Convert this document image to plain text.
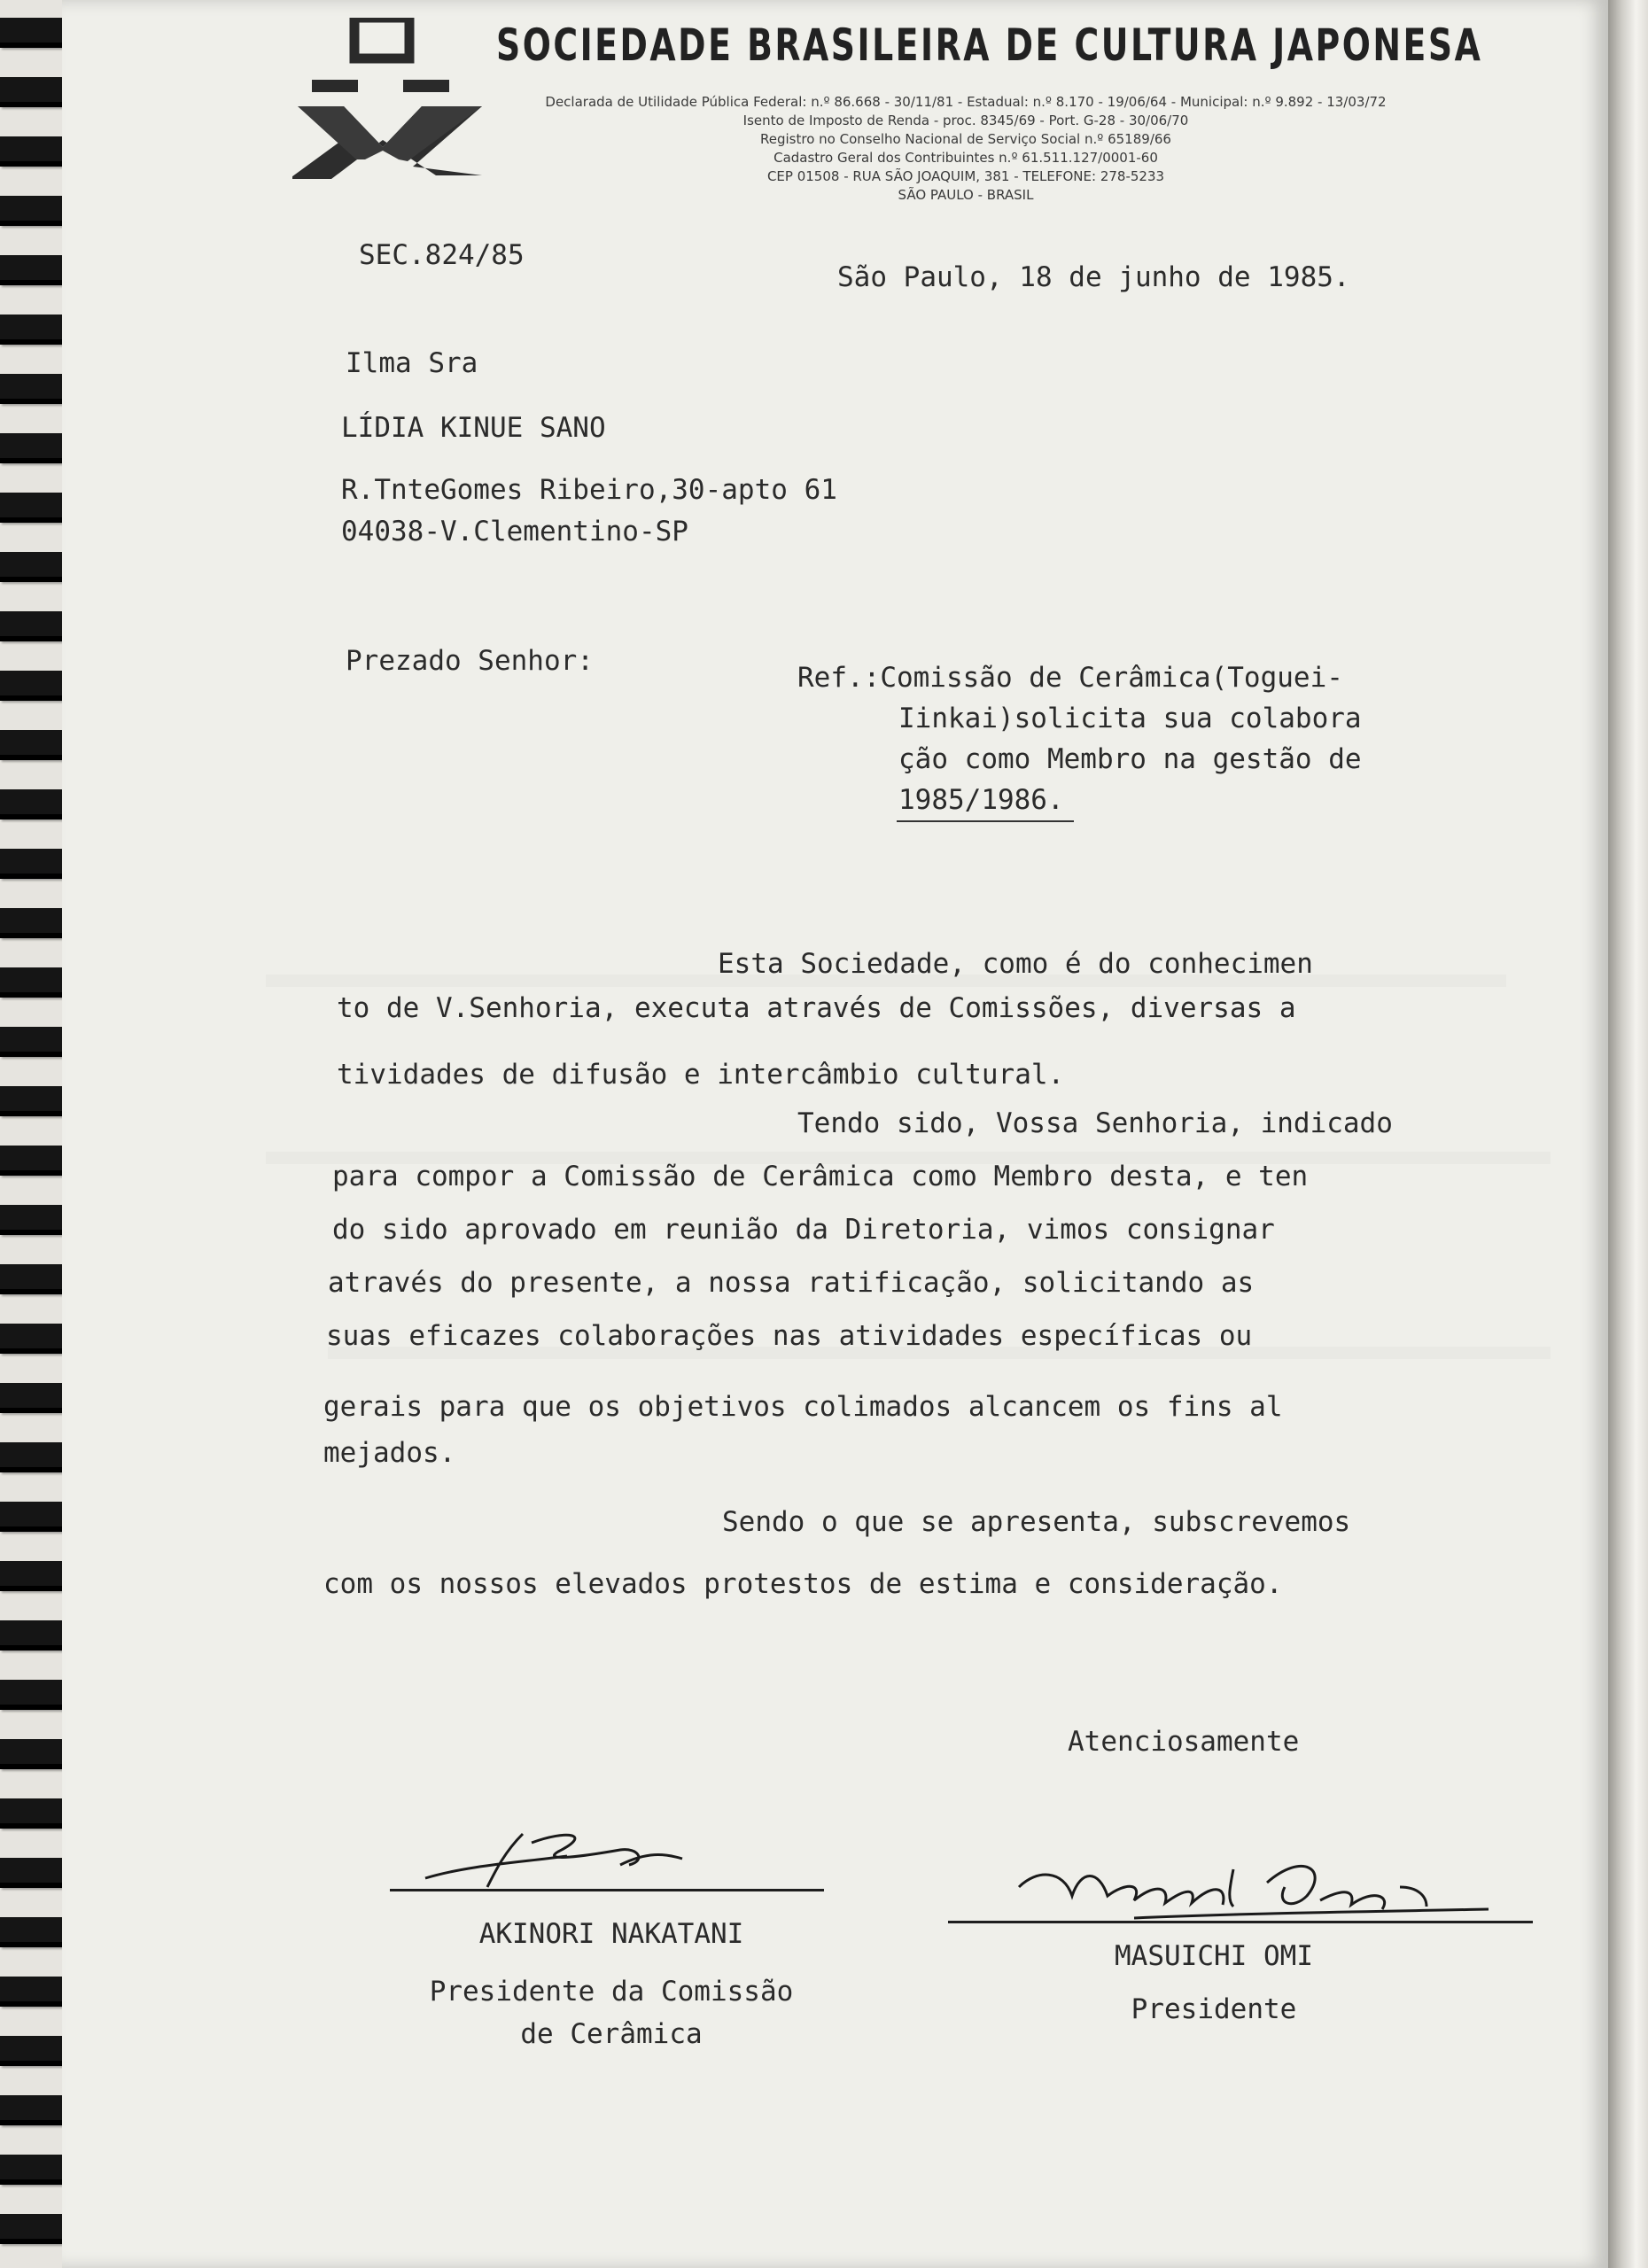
SOCIEDADE BRASILEIRA DE CULTURA JAPONESA
Declarada de Utilidade Pública Federal: n.º 86.668 - 30/11/81 - Estadual: n.º 8.170 - 19/06/64 - Municipal: n.º 9.892 - 13/03/72
Isento de Imposto de Renda - proc. 8345/69 - Port. G-28 - 30/06/70
Registro no Conselho Nacional de Serviço Social n.º 65189/66
Cadastro Geral dos Contribuintes n.º 61.511.127/0001-60
CEP 01508 - RUA SÃO JOAQUIM, 381 - TELEFONE: 278-5233
SÃO PAULO - BRASIL
SEC.824/85
São Paulo, 18 de junho de 1985.
Ilma Sra
LÍDIA KINUE SANO
R.TnteGomes Ribeiro,30-apto 61
04038-V.Clementino-SP
Prezado Senhor:
Ref.:Comissão de Cerâmica(Toguei-
Iinkai)solicita sua colabora
ção como Membro na gestão de
1985/1986.
Esta Sociedade, como é do conhecimen
to de V.Senhoria, executa através de Comissões, diversas a
tividades de difusão e intercâmbio cultural.
Tendo sido, Vossa Senhoria, indicado
para compor a Comissão de Cerâmica como Membro desta, e ten
do sido aprovado em reunião da Diretoria, vimos consignar
através do presente, a nossa ratificação, solicitando as
suas eficazes colaborações nas atividades específicas ou
gerais para que os objetivos colimados alcancem os fins al
mejados.
Sendo o que se apresenta, subscrevemos
com os nossos elevados protestos de estima e consideração.
Atenciosamente
AKINORI NAKATANI
Presidente da Comissão
de Cerâmica
MASUICHI OMI
Presidente
